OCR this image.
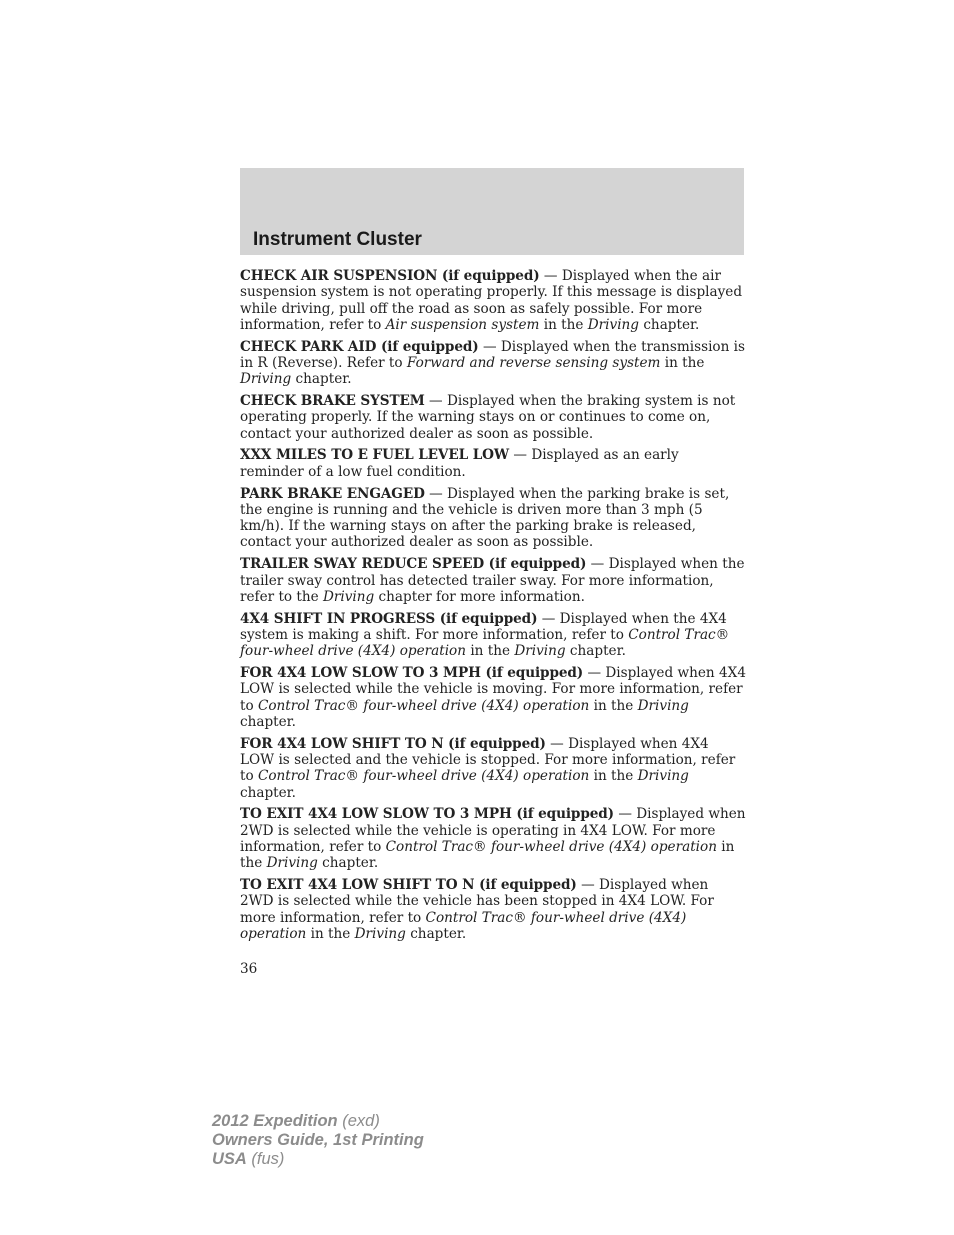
Instrument Cluster

CHECK AIR SUSPENSION (if equipped) — Displayed when the air suspension system is not operating properly. If this message is displayed while driving, pull off the road as soon as safely possible. For more information, refer to Air suspension system in the Driving chapter.

CHECK PARK AID (if equipped) — Displayed when the transmission is in R (Reverse). Refer to Forward and reverse sensing system in the Driving chapter.

CHECK BRAKE SYSTEM — Displayed when the braking system is not operating properly. If the warning stays on or continues to come on, contact your authorized dealer as soon as possible.

XXX MILES TO E FUEL LEVEL LOW — Displayed as an early reminder of a low fuel condition.

PARK BRAKE ENGAGED — Displayed when the parking brake is set, the engine is running and the vehicle is driven more than 3 mph (5 km/h). If the warning stays on after the parking brake is released, contact your authorized dealer as soon as possible.

TRAILER SWAY REDUCE SPEED (if equipped) — Displayed when the trailer sway control has detected trailer sway. For more information, refer to the Driving chapter for more information.

4X4 SHIFT IN PROGRESS (if equipped) — Displayed when the 4X4 system is making a shift. For more information, refer to Control Trac® four-wheel drive (4X4) operation in the Driving chapter.

FOR 4X4 LOW SLOW TO 3 MPH (if equipped) — Displayed when 4X4 LOW is selected while the vehicle is moving. For more information, refer to Control Trac® four-wheel drive (4X4) operation in the Driving chapter.

FOR 4X4 LOW SHIFT TO N (if equipped) — Displayed when 4X4 LOW is selected and the vehicle is stopped. For more information, refer to Control Trac® four-wheel drive (4X4) operation in the Driving chapter.

TO EXIT 4X4 LOW SLOW TO 3 MPH (if equipped) — Displayed when 2WD is selected while the vehicle is operating in 4X4 LOW. For more information, refer to Control Trac® four-wheel drive (4X4) operation in the Driving chapter.

TO EXIT 4X4 LOW SHIFT TO N (if equipped) — Displayed when 2WD is selected while the vehicle has been stopped in 4X4 LOW. For more information, refer to Control Trac® four-wheel drive (4X4) operation in the Driving chapter.

36
2012 Expedition (exd)
Owners Guide, 1st Printing
USA (fus)
